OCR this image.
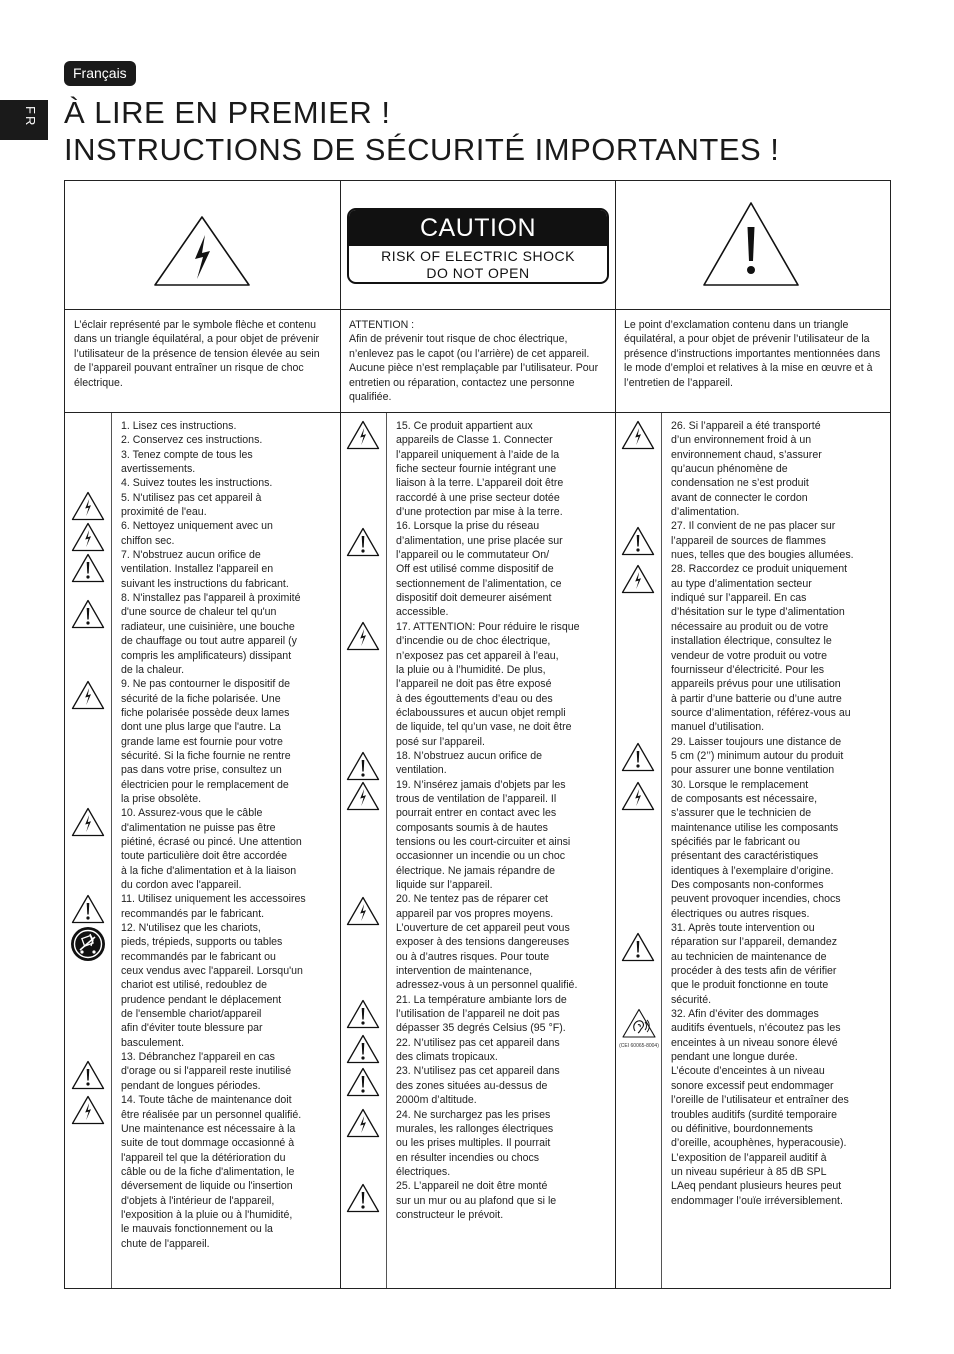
Français
FR À LIRE EN PREMIER !
INSTRUCTIONS DE SÉCURITÉ IMPORTANTES !
CAUTION
RISK OF ELECTRIC SHOCK
DO NOT OPEN
L’éclair représenté par le symbole flèche et contenu dans un triangle équilatéral, a pour objet de prévenir l’utilisateur de la présence de tension élevée au sein de l’appareil pouvant entraîner un risque de choc électrique.
ATTENTION :
Afin de prévenir tout risque de choc électrique, n’enlevez pas le capot (ou l’arrière) de cet appareil. Aucune pièce n’est remplaçable par l’utilisateur. Pour entretien ou réparation, contactez une personne qualifiée.
Le point d’exclamation contenu dans un triangle équilatéral, a pour objet de prévenir l’utilisateur de la présence d’instructions importantes mentionnées dans le mode d’emploi et relatives à la mise en œuvre et à l’entretien de l’appareil.
1. Lisez ces instructions.
2. Conservez ces instructions.
3. Tenez compte de tous les
avertissements.
4. Suivez toutes les instructions.
5. N'utilisez pas cet appareil à
proximité de l'eau.
6. Nettoyez uniquement avec un
chiffon sec.
7. N'obstruez aucun orifice de
ventilation. Installez l'appareil en
suivant les instructions du fabricant.
8. N'installez pas l'appareil à proximité
d'une source de chaleur tel qu'un
radiateur, une cuisinière, une bouche
de chauffage ou tout autre appareil (y
compris les amplificateurs) dissipant
de la chaleur.
9. Ne pas contourner le dispositif de
sécurité de la fiche polarisée. Une
fiche polarisée possède deux lames
dont une plus large que l'autre. La
grande lame est fournie pour votre
sécurité. Si la fiche fournie ne rentre
pas dans votre prise, consultez un
électricien pour le remplacement de
la prise obsolète.
10. Assurez-vous que le câble
d'alimentation ne puisse pas être
piétiné, écrasé ou pincé. Une attention
toute particulière doit être accordée
à la fiche d'alimentation et à la liaison
du cordon avec l'appareil.
11. Utilisez uniquement les accessoires
recommandés par le fabricant.
12. N'utilisez que les chariots,
pieds, trépieds, supports ou tables
recommandés par le fabricant ou
ceux vendus avec l'appareil. Lorsqu'un
chariot est utilisé, redoublez de
prudence pendant le déplacement
de l'ensemble chariot/appareil
afin d'éviter toute blessure par
basculement.
13. Débranchez l'appareil en cas
d'orage ou si l'appareil reste inutilisé
pendant de longues périodes.
14. Toute tâche de maintenance doit
être réalisée par un personnel qualifié.
Une maintenance est nécessaire à la
suite de tout dommage occasionné à
l'appareil tel que la détérioration du
câble ou de la fiche d'alimentation, le
déversement de liquide ou l'insertion
d'objets à l'intérieur de l'appareil,
l'exposition à la pluie ou à l'humidité,
le mauvais fonctionnement ou la
chute de l'appareil.
15. Ce produit appartient aux
appareils de Classe 1. Connecter
l’appareil uniquement à l’aide de la
fiche secteur fournie intégrant une
liaison à la terre. L’appareil doit être
raccordé à une prise secteur dotée
d’une protection par mise à la terre.
16. Lorsque la prise du réseau
d’alimentation, une prise placée sur
l’appareil ou le commutateur On/
Off est utilisé comme dispositif de
sectionnement de l’alimentation, ce
dispositif doit demeurer aisément
accessible.
17. ATTENTION: Pour réduire le risque
d’incendie ou de choc électrique,
n’exposez pas cet appareil à l’eau,
la pluie ou à l’humidité. De plus,
l’appareil ne doit pas être exposé
à des égouttements d’eau ou des
éclaboussures et aucun objet rempli
de liquide, tel qu’un vase, ne doit être
posé sur l’appareil.
18. N’obstruez aucun orifice de
ventilation.
19. N’insérez jamais d’objets par les
trous de ventilation de l’appareil. Il
pourrait entrer en contact avec les
composants soumis à de hautes
tensions ou les court-circuiter et ainsi
occasionner un incendie ou un choc
électrique. Ne jamais répandre de
liquide sur l’appareil.
20. Ne tentez pas de réparer cet
appareil par vos propres moyens.
L’ouverture de cet appareil peut vous
exposer à des tensions dangereuses
ou à d’autres risques. Pour toute
intervention de maintenance,
adressez-vous à un personnel qualifié.
21. La température ambiante lors de
l’utilisation de l’appareil ne doit pas
dépasser 35 degrés Celsius (95 °F).
22. N’utilisez pas cet appareil dans
des climats tropicaux.
23. N’utilisez pas cet appareil dans
des zones situées au-dessus de
2000m d’altitude.
24. Ne surchargez pas les prises
murales, les rallonges électriques
ou les prises multiples. Il pourrait
en résulter incendies ou chocs
électriques.
25. L’appareil ne doit être monté
sur un mur ou au plafond que si le
constructeur le prévoit.
26. Si l’appareil a été transporté
d’un environnement froid à un
environnement chaud, s’assurer
qu’aucun phénomène de
condensation ne s’est produit
avant de connecter le cordon
d’alimentation.
27. Il convient de ne pas placer sur
l’appareil de sources de flammes
nues, telles que des bougies allumées.
28. Raccordez ce produit uniquement
au type d’alimentation secteur
indiqué sur l’appareil. En cas
d’hésitation sur le type d’alimentation
nécessaire au produit ou de votre
installation électrique, consultez le
vendeur de votre produit ou votre
fournisseur d’électricité. Pour les
appareils prévus pour une utilisation
à partir d’une batterie ou d’une autre
source d’alimentation, référez-vous au
manuel d’utilisation.
29. Laisser toujours une distance de
5 cm (2’’) minimum autour du produit
pour assurer une bonne ventilation
30. Lorsque le remplacement
de composants est nécessaire,
s’assurer que le technicien de
maintenance utilise les composants
spécifiés par le fabricant ou
présentant des caractéristiques
identiques à l’exemplaire d’origine.
Des composants non-conformes
peuvent provoquer incendies, chocs
électriques ou autres risques.
31. Après toute intervention ou
réparation sur l’appareil, demandez
au technicien de maintenance de
procéder à des tests afin de vérifier
que le produit fonctionne en toute
sécurité.
32. Afin d’éviter des dommages
auditifs éventuels, n’écoutez pas les
enceintes à un niveau sonore élevé
pendant une longue durée.
L’écoute d’enceintes à un niveau
sonore excessif peut endommager
l’oreille de l’utilisateur et entraîner des
troubles auditifs (surdité temporaire
ou définitive, bourdonnements
d’oreille, acouphènes, hyperacousie).
L’exposition de l’appareil auditif à
un niveau supérieur à 85 dB SPL
LAeq pendant plusieurs heures peut
endommager l’ouïe irréversiblement.
(CEI 60065-8004)
